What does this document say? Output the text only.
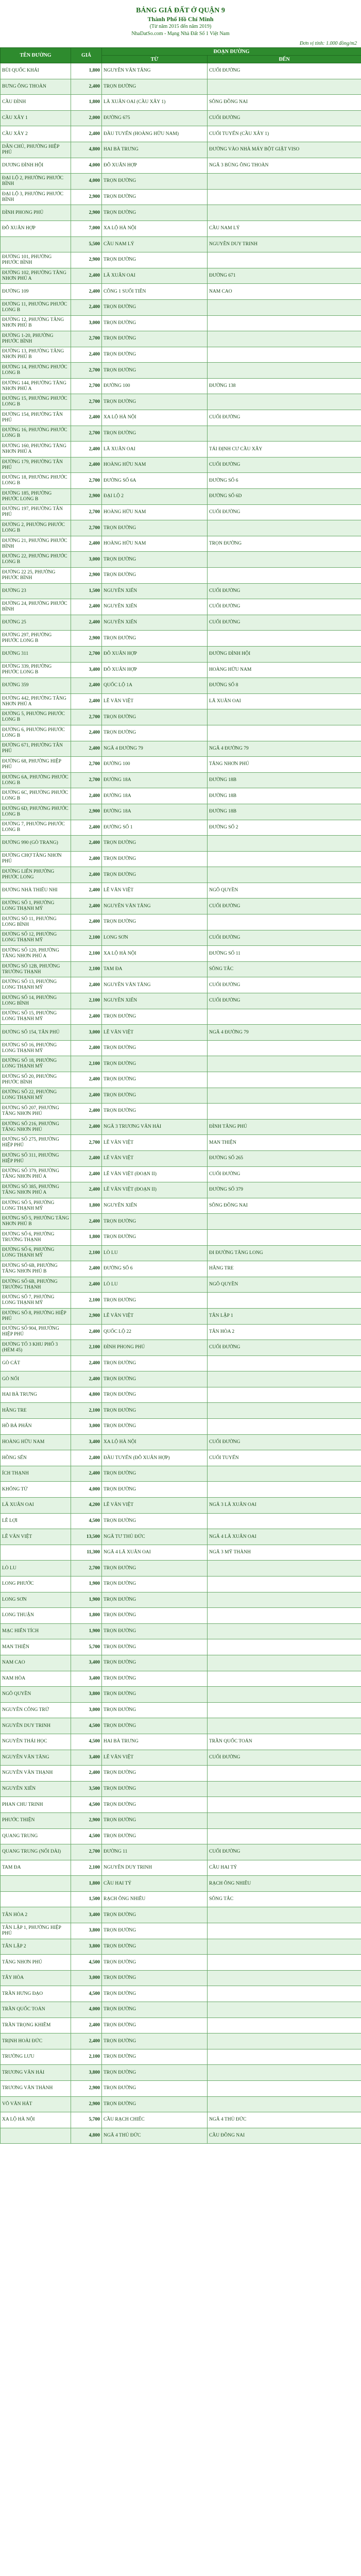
BẢNG GIÁ ĐẤT Ở QUẬN 9
Thành Phố Hồ Chí Minh
(Từ năm 2015 đến năm 2019)
NhaDatSo.com - Mạng Nhà Đất Số 1 Việt Nam
Đơn vị tính: 1.000 đồng/m2
TÊN ĐƯỜNG	GIÁ	ĐOẠN ĐƯỜNG	
		TỪ	ĐẾN
BÙI QUỐC KHÁI	1,800	NGUYỄN VĂN TĂNG	CUỐI ĐƯỜNG
BƯNG ÔNG THOÀN	2,400	TRỌN ĐƯỜNG	
CẦU ĐÌNH	1,800	LÃ XUÂN OAI (CẦU XÂY 1)	SÔNG ĐỒNG NAI
CẦU XÂY 1	2,000	ĐƯỜNG 675	CUỐI ĐƯỜNG
CẦU XÂY 2	2,400	ĐẦU TUYẾN (HOÀNG HỮU NAM)	CUỐI TUYẾN (CẦU XÂY 1)
DÂN CHỦ, PHƯỜNG HIỆP PHÚ	4,800	HAI BÀ TRƯNG	ĐƯỜNG VÀO NHÀ MÁY BỘT GIẶT VISO
DƯƠNG ĐÌNH HỘI	4,000	ĐỖ XUÂN HỢP	NGÃ 3 BÙNG ÔNG THOÀN
ĐẠI LỘ 2, PHƯỜNG PHƯỚC BÌNH	4,000	TRỌN ĐƯỜNG	
ĐẠI LỘ 3, PHƯỜNG PHƯỚC BÌNH	2,900	TRỌN ĐƯỜNG	
ĐÌNH PHONG PHÚ	2,900	TRỌN ĐƯỜNG	
ĐỖ XUÂN HỢP	7,000	XA LỘ HÀ NỘI	CẦU NAM LÝ
	5,500	CẦU NAM LÝ	NGUYỄN DUY TRINH
ĐƯỜNG 101, PHƯỜNG PHƯỚC BÌNH	2,900	TRỌN ĐƯỜNG	
ĐƯỜNG 102, PHƯỜNG TĂNG NHƠN PHÚ A	2,400	LÃ XUÂN OAI	ĐƯỜNG 671
ĐƯỜNG 109	2,400	CÔNG 1 SUỐI TIÊN	NAM CAO
ĐƯỜNG 11, PHƯỜNG PHƯỚC LONG B	2,400	TRỌN ĐƯỜNG	
ĐƯỜNG 12, PHƯỜNG TĂNG NHƠN PHÚ B	3,000	TRỌN ĐƯỜNG	
ĐƯỜNG 1-20, PHƯỜNG PHƯỚC BÌNH	2,700	TRỌN ĐƯỜNG	
ĐƯỜNG 13, PHƯỜNG TĂNG NHƠN PHÚ B	2,400	TRỌN ĐƯỜNG	
ĐƯỜNG 14, PHƯỜNG PHƯỚC LONG B	2,700	TRỌN ĐƯỜNG	
ĐƯỜNG 144, PHƯỜNG TĂNG NHƠN PHÚ A	2,700	ĐƯỜNG 100	ĐƯỜNG 138
ĐƯỜNG 15, PHƯỜNG PHƯỚC LONG B	2,700	TRỌN ĐƯỜNG	
ĐƯỜNG 154, PHƯỜNG TÂN PHÚ	2,400	XA LỘ HÀ NỘI	CUỐI ĐƯỜNG
ĐƯỜNG 16, PHƯỜNG PHƯỚC LONG B	2,700	TRỌN ĐƯỜNG	
ĐƯỜNG 160, PHƯỜNG TĂNG NHƠN PHÚ A	2,400	LÃ XUÂN OAI	TÁI ĐỊNH CƯ CẦU XÂY
ĐƯỜNG 179, PHƯỜNG TÂN PHÚ	2,400	HOÀNG HỮU NAM	CUỐI ĐƯỜNG
ĐƯỜNG 18, PHƯỜNG PHƯỚC LONG B	2,700	ĐƯỜNG SỐ 6A	ĐƯỜNG SỐ 6
ĐƯỜNG 185, PHƯỜNG PHƯỚC LONG B	2,900	ĐẠI LỘ 2	ĐƯỜNG SỐ 6D
ĐƯỜNG 197, PHƯỜNG TÂN PHÚ	2,700	HOÀNG HỮU NAM	CUỐI ĐƯỜNG
ĐƯỜNG 2, PHƯỜNG PHƯỚC LONG B	2,700	TRỌN ĐƯỜNG	
ĐƯỜNG 21, PHƯỜNG PHƯỚC BÌNH	2,400	HOÀNG HỮU NAM	TRỌN ĐƯỜNG
ĐƯỜNG 22, PHƯỜNG PHƯỚC LONG B	3,000	TRỌN ĐƯỜNG	
ĐƯỜNG 22 25, PHƯỜNG PHƯỚC BÌNH	2,900	TRỌN ĐƯỜNG	
ĐƯỜNG 23	1,500	NGUYỄN XIỂN	CUỐI ĐƯỜNG
ĐƯỜNG 24, PHƯỜNG PHƯỚC BÌNH	2,400	NGUYỄN XIỂN	CUỐI ĐƯỜNG
ĐƯỜNG 25	2,400	NGUYỄN XIỂN	CUỐI ĐƯỜNG
ĐƯỜNG 297, PHƯỜNG PHƯỚC LONG B	2,900	TRỌN ĐƯỜNG	
ĐƯỜNG 311	2,700	ĐỖ XUÂN HỢP	ĐƯỜNG ĐÌNH HỘI
ĐƯỜNG 339, PHƯỜNG PHƯỚC LONG B	3,400	ĐỖ XUÂN HỢP	HOÀNG HỮU NAM
ĐƯỜNG 359	2,400	QUỐC LỘ 1A	ĐƯỜNG SỐ 8
ĐƯỜNG 442, PHƯỜNG TĂNG NHƠN PHÚ A	2,400	LÊ VĂN VIỆT	LÃ XUÂN OAI
ĐƯỜNG 5, PHƯỜNG PHƯỚC LONG B	2,700	TRỌN ĐƯỜNG	
ĐƯỜNG 6, PHƯỜNG PHƯỚC LONG B	2,400	TRỌN ĐƯỜNG	
ĐƯỜNG 671, PHƯỜNG TÂN PHÚ	2,400	NGÃ 4 ĐƯỜNG 79	NGÃ 4 ĐƯỜNG 79
ĐƯỜNG 68, PHƯỜNG HIỆP PHÚ	2,700	ĐƯỜNG 100	TĂNG NHƠN PHÚ
ĐƯỜNG 6A, PHƯỜNG PHƯỚC LONG B	2,700	ĐƯỜNG 18A	ĐƯỜNG 18B
ĐƯỜNG 6C, PHƯỜNG PHƯỚC LONG B	2,400	ĐƯỜNG 18A	ĐƯỜNG 18B
ĐƯỜNG 6D, PHƯỜNG PHƯỚC LONG B	2,900	ĐƯỜNG 18A	ĐƯỜNG 18B
ĐƯỜNG 7, PHƯỜNG PHƯỚC LONG B	2,400	ĐƯỜNG SỐ 1	ĐƯỜNG SỐ 2
ĐƯỜNG 990 (GÒ TRANG)	2,400	TRỌN ĐƯỜNG	
ĐƯỜNG CHỢ TĂNG NHƠN PHÚ	2,400	TRỌN ĐƯỜNG	
ĐƯỜNG LIÊN PHƯỜNG PHƯỚC LONG	2,400	TRỌN ĐƯỜNG	
ĐƯỜNG NHÀ THIẾU NHI	2,400	LÊ VĂN VIỆT	NGÔ QUYỀN
ĐƯỜNG SỐ 1, PHƯỜNG LONG THẠNH MỸ	2,400	NGUYỄN VĂN TĂNG	CUỐI ĐƯỜNG
ĐƯỜNG SỐ 11, PHƯỜNG LONG BÌNH	2,400	TRỌN ĐƯỜNG	
ĐƯỜNG SỐ 12, PHƯỜNG LONG THẠNH MỸ	2,100	LONG SƠN	CUỐI ĐƯỜNG
ĐƯỜNG SỐ 120, PHƯỜNG TĂNG NHƠN PHÚ A	2,100	XA LỘ HÀ NỘI	ĐƯỜNG SỐ 11
ĐƯỜNG SỐ 12B, PHƯỜNG TRƯỜNG THẠNH	2,100	TAM ĐA	SÔNG TẮC
ĐƯỜNG SỐ 13, PHƯỜNG LONG THẠNH MỸ	2,400	NGUYỄN VĂN TĂNG	CUỐI ĐƯỜNG
ĐƯỜNG SỐ 14, PHƯỜNG LONG BÌNH	2,100	NGUYỄN XIỂN	CUỐI ĐƯỜNG
ĐƯỜNG SỐ 15, PHƯỜNG LONG THẠNH MỸ	2,400	TRỌN ĐƯỜNG	
ĐƯỜNG SỐ 154, TÂN PHÚ	3,000	LÊ VĂN VIỆT	NGÃ 4 ĐƯỜNG 79
ĐƯỜNG SỐ 16, PHƯỜNG LONG THẠNH MỸ	2,400	TRỌN ĐƯỜNG	
ĐƯỜNG SỐ 18, PHƯỜNG LONG THẠNH MỸ	2,100	TRỌN ĐƯỜNG	
ĐƯỜNG SỐ 20, PHƯỜNG PHƯỚC BÌNH	2,400	TRỌN ĐƯỜNG	
ĐƯỜNG SỐ 22, PHƯỜNG LONG THẠNH MỸ	2,400	TRỌN ĐƯỜNG	
ĐƯỜNG SỐ 207, PHƯỜNG TĂNG NHƠN PHÚ	2,400	TRỌN ĐƯỜNG	
ĐƯỜNG SỐ 216, PHƯỜNG TĂNG NHƠN PHÚ	2,400	NGÃ 3 TRƯƠNG VĂN HẢI	ĐÌNH TĂNG PHÚ
ĐƯỜNG SỐ 275, PHƯỜNG HIỆP PHÚ	2,700	LÊ VĂN VIỆT	MAN THIỆN
ĐƯỜNG SỐ 311, PHƯỜNG HIỆP PHÚ	2,400	LÊ VĂN VIỆT	ĐƯỜNG SỐ 265
ĐƯỜNG SỐ 379, PHƯỜNG TĂNG NHƠN PHÚ A	2,400	LÊ VĂN VIỆT (ĐOẠN II)	CUỐI ĐƯỜNG
ĐƯỜNG SỐ 385, PHƯỜNG TĂNG NHƠN PHÚ A	2,400	LÊ VĂN VIỆT (ĐOẠN II)	ĐƯỜNG SỐ 379
ĐƯỜNG SỐ 5, PHƯỜNG LONG THẠNH MỸ	1,800	NGUYỄN XIỂN	SÔNG ĐỒNG NAI
ĐƯỜNG SỐ 5, PHƯỜNG TĂNG NHƠN PHÚ B	2,400	TRỌN ĐƯỜNG	
ĐƯỜNG SỐ 6, PHƯỜNG TRƯỜNG THẠNH	1,800	TRỌN ĐƯỜNG	
ĐƯỜNG SỐ 6, PHƯỜNG LONG THẠNH MỸ	2,100	LÒ LU	ĐI ĐƯỜNG TĂNG LONG
ĐƯỜNG SỐ 6B, PHƯỜNG TĂNG NHƠN PHÚ B	2,400	ĐƯỜNG SỐ 6	HẰNG TRE
ĐƯỜNG SỐ 6B, PHƯỜNG TRƯỜNG THẠNH	2,400	LÒ LU	NGÔ QUYỀN
ĐƯỜNG SỐ 7, PHƯỜNG LONG THẠNH MỸ	2,100	TRỌN ĐƯỜNG	
ĐƯỜNG SỐ 8, PHƯỜNG HIỆP PHÚ	2,900	LÊ VĂN VIỆT	TÂN LẬP 1
ĐƯỜNG SỐ 904, PHƯỜNG HIỆP PHÚ	2,400	QUỐC LỘ 22	TÂN HÒA 2
ĐƯỜNG TỔ 3 KHU PHỐ 3 (HẺM 45)	2,100	ĐÌNH PHONG PHÚ	CUỐI ĐƯỜNG
GÒ CÁT	2,400	TRỌN ĐƯỜNG	
GÒ NỔI	2,400	TRỌN ĐƯỜNG	
HAI BÀ TRƯNG	4,800	TRỌN ĐƯỜNG	
HẰNG TRE	2,100	TRỌN ĐƯỜNG	
HỒ BÁ PHẤN	3,000	TRỌN ĐƯỜNG	
HOÀNG HỮU NAM	3,400	XA LỘ HÀ NỘI	CUỐI ĐƯỜNG
HỒNG SẾN	2,400	ĐẦU TUYẾN (ĐỖ XUÂN HỢP)	CUỐI TUYẾN
ÍCH THẠNH	2,400	TRỌN ĐƯỜNG	
KHỔNG TỬ	4,000	TRỌN ĐƯỜNG	
LÃ XUÂN OAI	4,200	LÊ VĂN VIỆT	NGÃ 3 LÃ XUÂN OAI
LÊ LỢI	4,500	TRỌN ĐƯỜNG	
LÊ VĂN VIỆT	13,500	NGÃ TƯ THỦ ĐỨC	NGÃ 4 LÃ XUÂN OAI
	11,300	NGÃ 4 LÃ XUÂN OAI	NGÃ 3 MỸ THÀNH
LÒ LU	2,700	TRỌN ĐƯỜNG	
LONG PHƯỚC	1,900	TRỌN ĐƯỜNG	
LONG SƠN	1,900	TRỌN ĐƯỜNG	
LONG THUẬN	1,800	TRỌN ĐƯỜNG	
MẠC HIỂN TÍCH	1,900	TRỌN ĐƯỜNG	
MAN THIỆN	5,700	TRỌN ĐƯỜNG	
NAM CAO	3,400	TRỌN ĐƯỜNG	
NAM HÒA	3,400	TRỌN ĐƯỜNG	
NGÔ QUYỀN	3,800	TRỌN ĐƯỜNG	
NGUYỄN CÔNG TRỨ	3,000	TRỌN ĐƯỜNG	
NGUYỄN DUY TRINH	4,500	TRỌN ĐƯỜNG	
NGUYỄN THÁI HỌC	4,500	HAI BÀ TRƯNG	TRẦN QUỐC TOẢN
NGUYỄN VĂN TĂNG	3,400	LÊ VĂN VIỆT	CUỐI ĐƯỜNG
NGUYỄN VĂN THẠNH	2,400	TRỌN ĐƯỜNG	
NGUYỄN XIỂN	3,500	TRỌN ĐƯỜNG	
PHAN CHU TRINH	4,500	TRỌN ĐƯỜNG	
PHƯỚC THIỆN	2,900	TRỌN ĐƯỜNG	
QUANG TRUNG	4,500	TRỌN ĐƯỜNG	
QUANG TRUNG (NỐI DÀI)	2,700	ĐƯỜNG 11	CUỐI ĐƯỜNG
TAM ĐA	2,100	NGUYỄN DUY TRINH	CẦU HAI TÝ
	1,800	CẦU HAI TÝ	RẠCH ÔNG NHIÊU
	1,500	RẠCH ÔNG NHIÊU	SÔNG TẮC
TÂN HÒA 2	3,400	TRỌN ĐƯỜNG	
TÂN LẬP 1, PHƯỜNG HIỆP PHÚ	3,800	TRỌN ĐƯỜNG	
TÂN LẬP 2	3,800	TRỌN ĐƯỜNG	
TĂNG NHƠN PHÚ	4,500	TRỌN ĐƯỜNG	
TÂY HÒA	3,000	TRỌN ĐƯỜNG	
TRẦN HƯNG ĐẠO	4,500	TRỌN ĐƯỜNG	
TRẦN QUỐC TOẢN	4,000	TRỌN ĐƯỜNG	
TRẦN TRỌNG KHIÊM	2,400	TRỌN ĐƯỜNG	
TRỊNH HOÀI ĐỨC	2,400	TRỌN ĐƯỜNG	
TRƯỜNG LƯU	2,100	TRỌN ĐƯỜNG	
TRƯƠNG VĂN HẢI	3,800	TRỌN ĐƯỜNG	
TRƯƠNG VĂN THÀNH	2,900	TRỌN ĐƯỜNG	
VÕ VĂN HÁT	2,900	TRỌN ĐƯỜNG	
XA LỘ HÀ NỘI	5,700	CẦU RẠCH CHIẾC	NGÃ 4 THỦ ĐỨC
	4,800	NGÃ 4 THỦ ĐỨC	CẦU ĐỒNG NAI
